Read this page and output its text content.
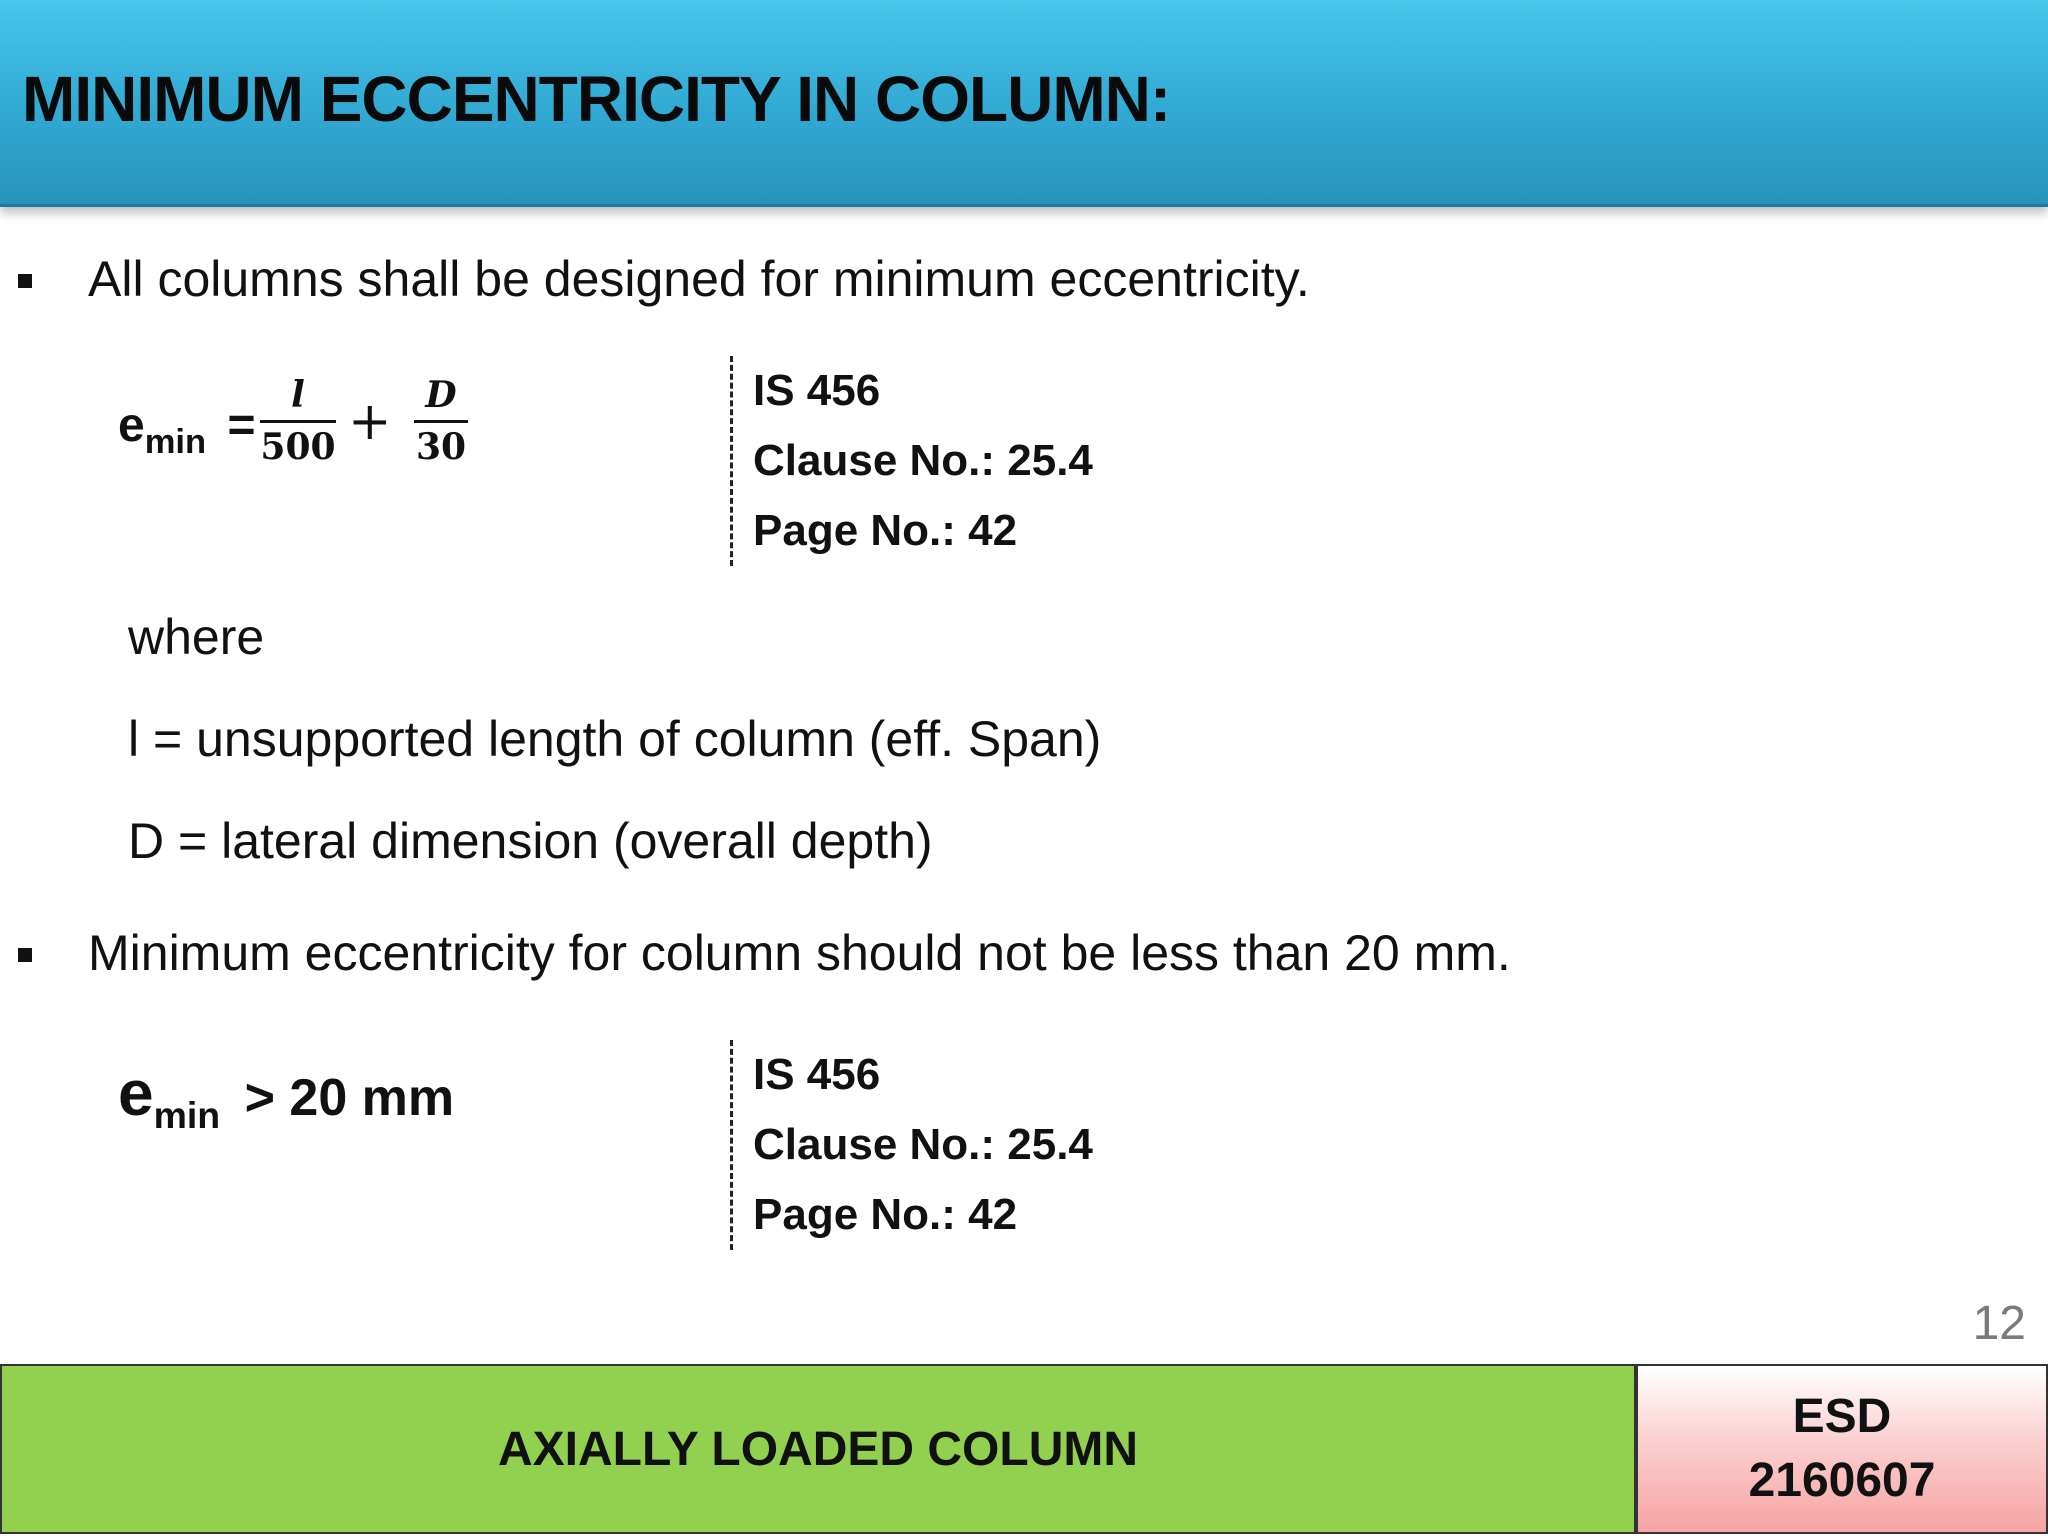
MINIMUM ECCENTRICITY IN COLUMN:
All columns shall be designed for minimum eccentricity.
$e_{min}$ =
l
500 + D
30
IS 456
Clause No.: 25.4
Page No.: 42
where
l = unsupported length of column (eff. Span)
D = lateral dimension (overall depth)
Minimum eccentricity for column should not be less than 20 mm.
$e_{min} > 20$ mm	IS 456
Clause No.: 25.4
Page No.: 42
12
AXIALLY LOADED COLUMN
ESD
2160607
